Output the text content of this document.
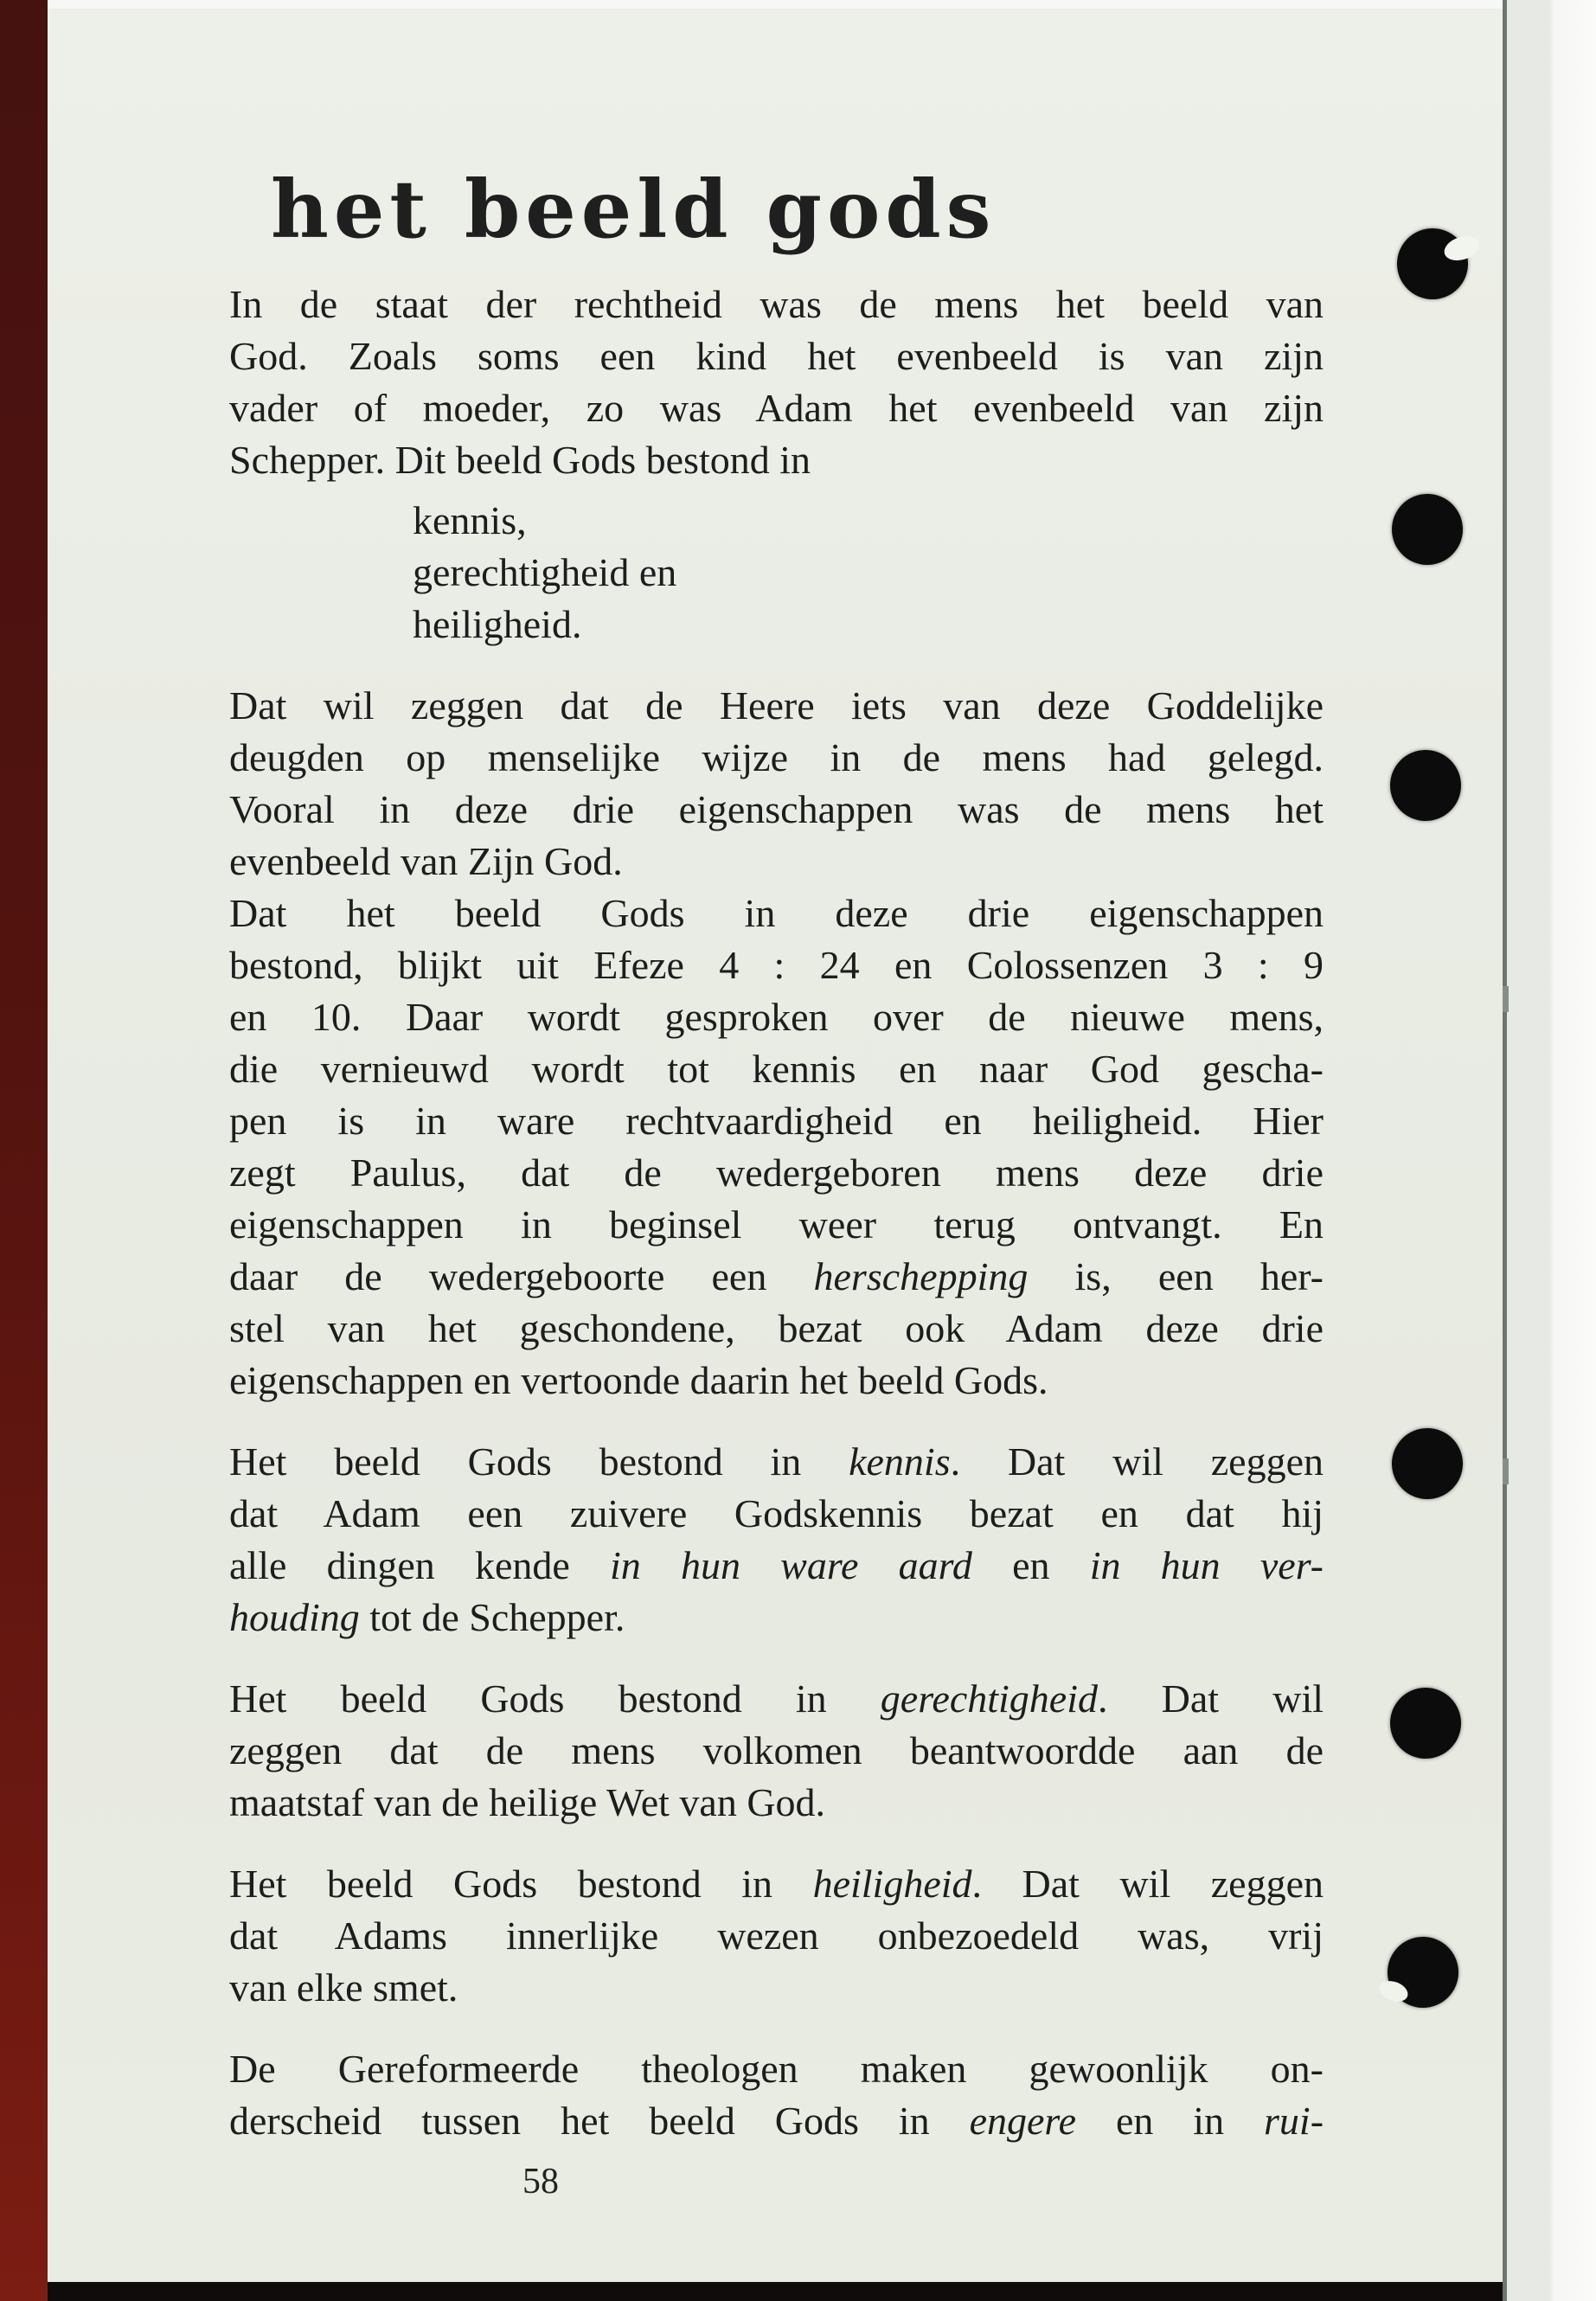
het beeld gods
In de staat der rechtheid was de mens het beeld van
God. Zoals soms een kind het evenbeeld is van zijn
vader of moeder, zo was Adam het evenbeeld van zijn
Schepper. Dit beeld Gods bestond in
kennis,
gerechtigheid en
heiligheid.
Dat wil zeggen dat de Heere iets van deze Goddelijke
deugden op menselijke wijze in de mens had gelegd.
Vooral in deze drie eigenschappen was de mens het
evenbeeld van Zijn God.
Dat het beeld Gods in deze drie eigenschappen
bestond, blijkt uit Efeze 4 : 24 en Colossenzen 3 : 9
en 10. Daar wordt gesproken over de nieuwe mens,
die vernieuwd wordt tot kennis en naar God gescha-
pen is in ware rechtvaardigheid en heiligheid. Hier
zegt Paulus, dat de wedergeboren mens deze drie
eigenschappen in beginsel weer terug ontvangt. En
daar de wedergeboorte een herschepping is, een her-
stel van het geschondene, bezat ook Adam deze drie
eigenschappen en vertoonde daarin het beeld Gods.
Het beeld Gods bestond in kennis. Dat wil zeggen
dat Adam een zuivere Godskennis bezat en dat hij
alle dingen kende in hun ware aard en in hun ver-
houding tot de Schepper.
Het beeld Gods bestond in gerechtigheid. Dat wil
zeggen dat de mens volkomen beantwoordde aan de
maatstaf van de heilige Wet van God.
Het beeld Gods bestond in heiligheid. Dat wil zeggen
dat Adams innerlijke wezen onbezoedeld was, vrij
van elke smet.
De Gereformeerde theologen maken gewoonlijk on-
derscheid tussen het beeld Gods in engere en in rui-
58
